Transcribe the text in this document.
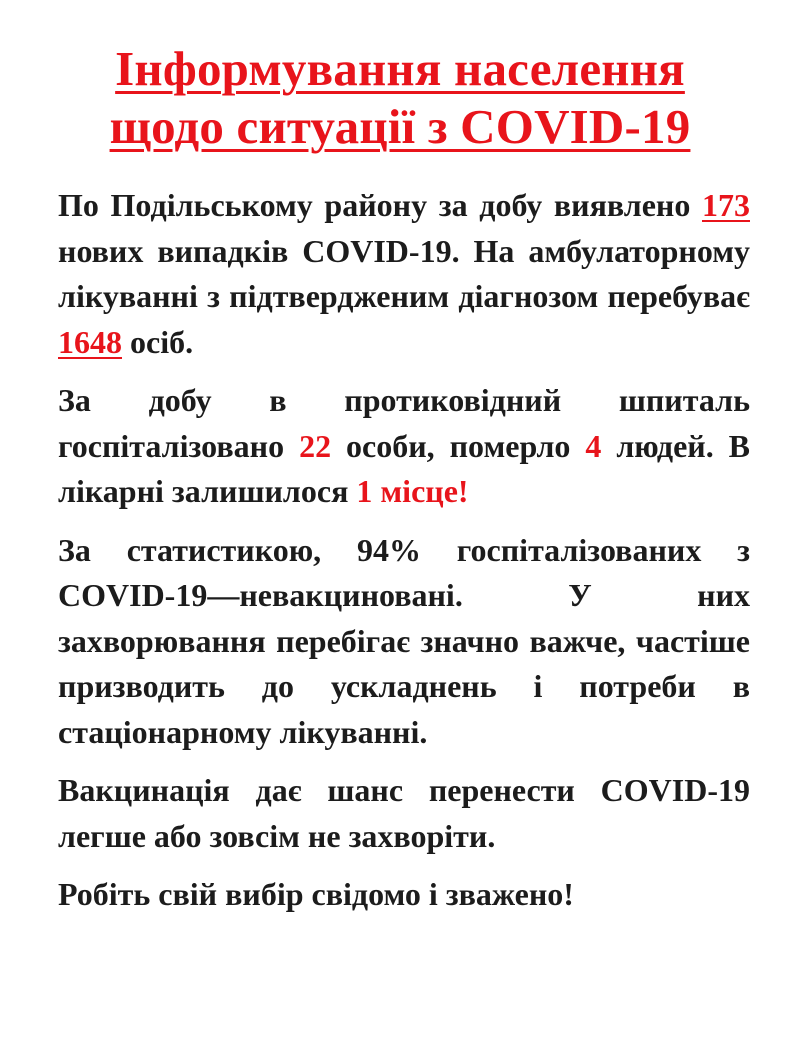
Інформування населення
щодо ситуації з COVID-19

По Подільському району за добу виявлено 173 нових випадків COVID-19. На амбулаторному лікуванні з підтвердженим діагнозом перебуває 1648 осіб.

За добу в протиковідний шпиталь госпіталізовано 22 особи, померло 4 людей. В лікарні залишилося 1 місце!

За статистикою, 94% госпіталізованих з COVID-19—невакциновані. У них захворювання перебігає значно важче, частіше призводить до ускладнень і потреби в стаціонарному лікуванні.

Вакцинація дає шанс перенести COVID-19 легше або зовсім не захворіти.

Робіть свій вибір свідомо і зважено!
